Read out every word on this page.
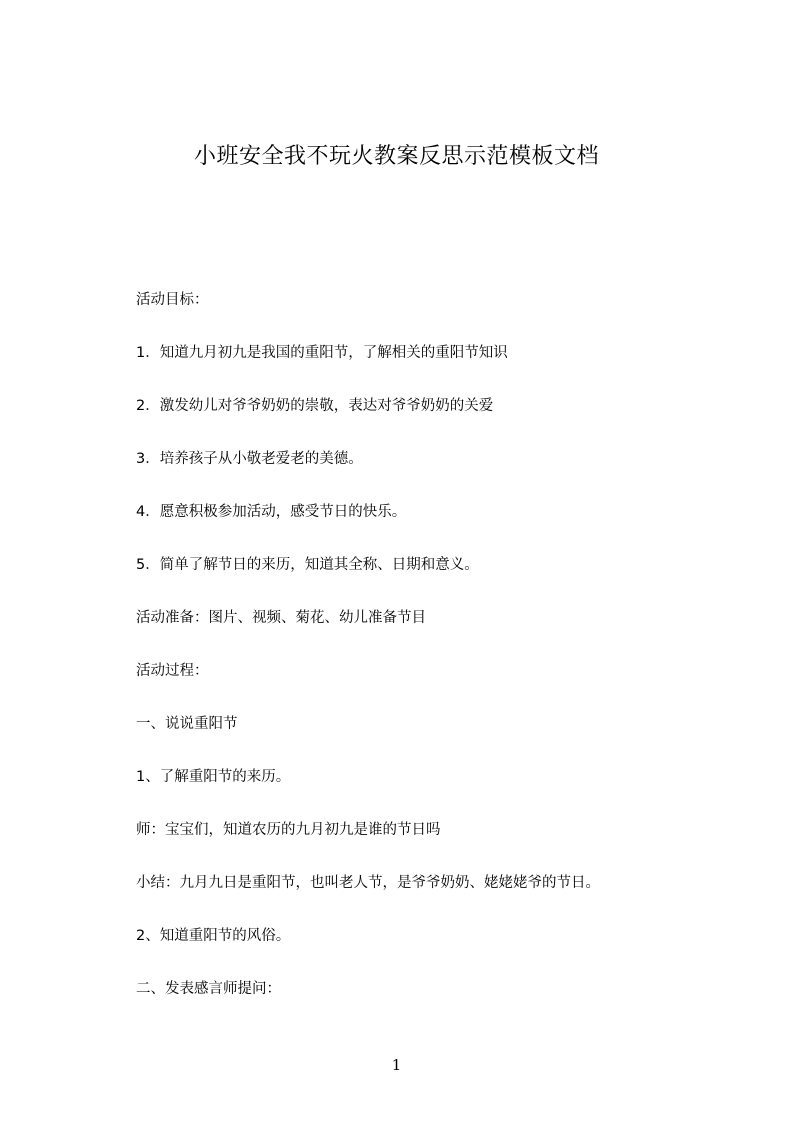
小班安全我不玩火教案反思示范模板文档

活动目标：

1．知道九月初九是我国的重阳节，了解相关的重阳节知识

2．激发幼儿对爷爷奶奶的崇敬，表达对爷爷奶奶的关爱

3．培养孩子从小敬老爱老的美德。

4．愿意积极参加活动，感受节日的快乐。

5．简单了解节日的来历，知道其全称、日期和意义。

活动准备：图片、视频、菊花、幼儿准备节目

活动过程：

一、说说重阳节

1、了解重阳节的来历。

师：宝宝们，知道农历的九月初九是谁的节日吗

小结：九月九日是重阳节，也叫老人节，是爷爷奶奶、姥姥姥爷的节日。

2、知道重阳节的风俗。

二、发表感言师提问：

1
